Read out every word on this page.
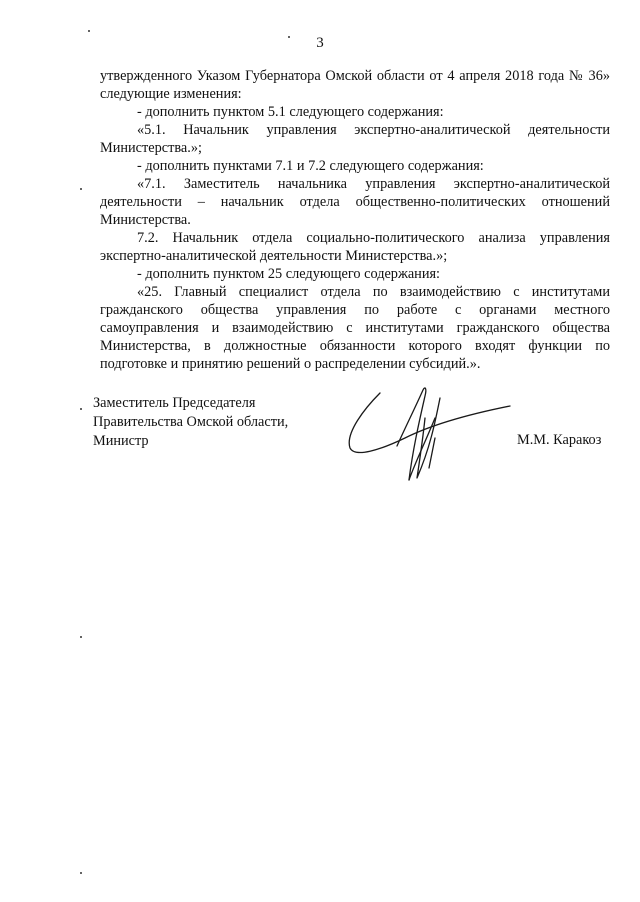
3

утвержденного Указом Губернатора Омской области от 4 апреля 2018 года № 36» следующие изменения:

- дополнить пунктом 5.1 следующего содержания:

«5.1. Начальник управления экспертно-аналитической деятельности Министерства.»;

- дополнить пунктами 7.1 и 7.2 следующего содержания:

«7.1. Заместитель начальника управления экспертно-аналитической деятельности – начальник отдела общественно-политических отношений Министерства.

7.2. Начальник отдела социально-политического анализа управления экспертно-аналитической деятельности Министерства.»;

- дополнить пунктом 25 следующего содержания:

«25. Главный специалист отдела по взаимодействию с институтами гражданского общества управления по работе с органами местного самоуправления и взаимодействию с институтами гражданского общества Министерства, в должностные обязанности которого входят функции по подготовке и принятию решений о распределении субсидий.».

Заместитель Председателя
Правительства Омской области,
Министр	М.М. Каракоз
